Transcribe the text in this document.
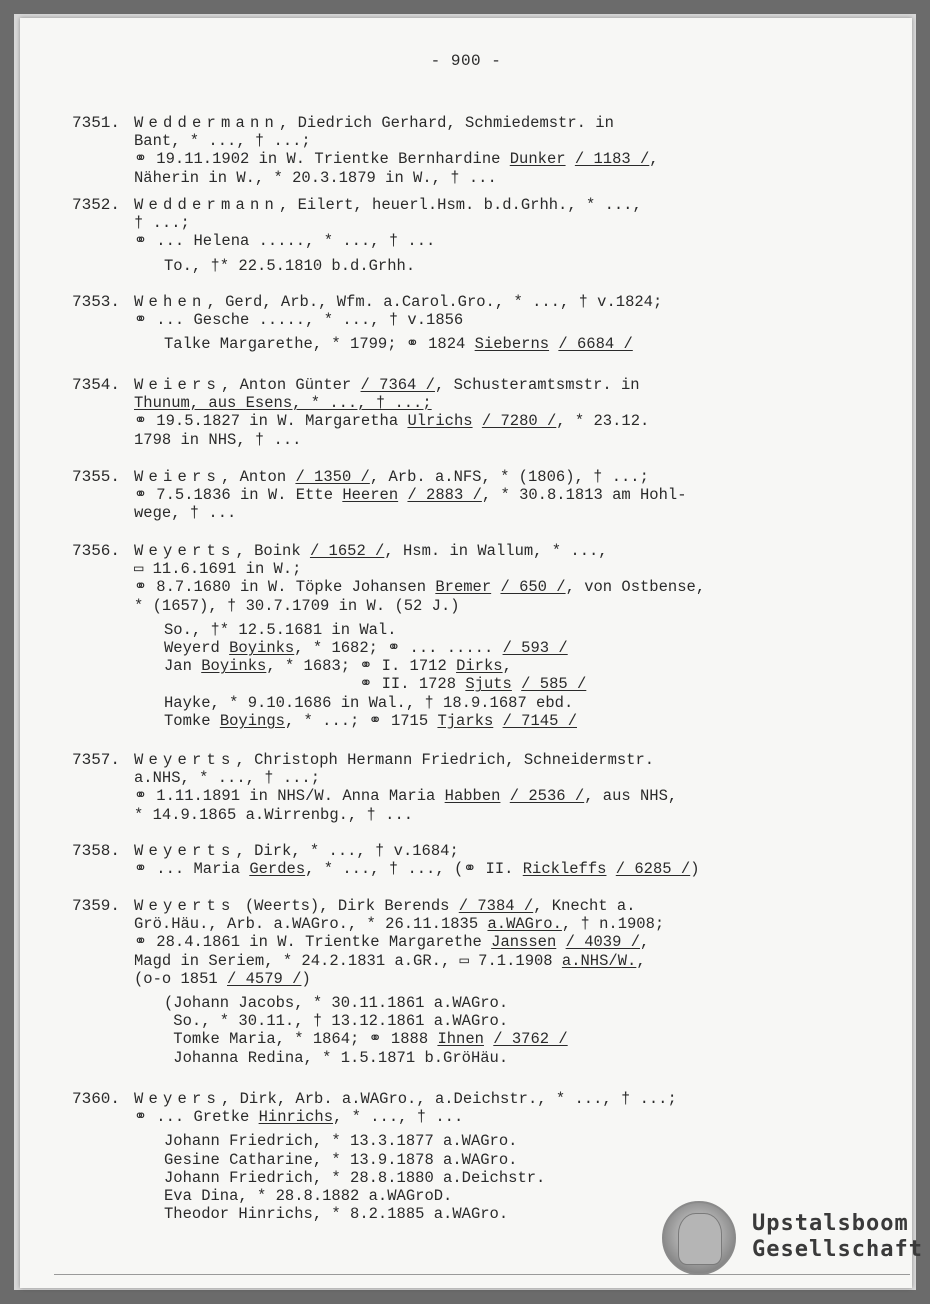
- 900 -
7351. Weddermann, Diedrich Gerhard, Schmiedemstr. in
Bant, * ..., † ...;
⚭ 19.11.1902 in W. Trientke Bernhardine Dunker / 1183 /,
Näherin in W., * 20.3.1879 in W., † ...
7352. Weddermann, Eilert, heuerl.Hsm. b.d.Grhh., * ...,
† ...;
⚭ ... Helena ....., * ..., † ...
To., †* 22.5.1810 b.d.Grhh.
7353. Wehen, Gerd, Arb., Wfm. a.Carol.Gro., * ..., † v.1824;
⚭ ... Gesche ....., * ..., † v.1856
Talke Margarethe, * 1799; ⚭ 1824 Sieberns / 6684 /
7354. Weiers, Anton Günter / 7364 /, Schusteramtsmstr. in
Thunum, aus Esens, * ..., † ...;
⚭ 19.5.1827 in W. Margaretha Ulrichs / 7280 /, * 23.12.
1798 in NHS, † ...
7355. Weiers, Anton / 1350 /, Arb. a.NFS, * (1806), † ...;
⚭ 7.5.1836 in W. Ette Heeren / 2883 /, * 30.8.1813 am Hohl-
wege, † ...
7356. Weyerts, Boink / 1652 /, Hsm. in Wallum, * ...,
▭ 11.6.1691 in W.;
⚭ 8.7.1680 in W. Töpke Johansen Bremer / 650 /, von Ostbense,
* (1657), † 30.7.1709 in W. (52 J.)
So., †* 12.5.1681 in Wal.
Weyerd Boyinks, * 1682; ⚭ ... ..... / 593 /
Jan Boyinks, * 1683; ⚭ I. 1712 Dirks,
⚭ II. 1728 Sjuts / 585 /
Hayke, * 9.10.1686 in Wal., † 18.9.1687 ebd.
Tomke Boyings, * ...; ⚭ 1715 Tjarks / 7145 /
7357. Weyerts, Christoph Hermann Friedrich, Schneidermstr.
a.NHS, * ..., † ...;
⚭ 1.11.1891 in NHS/W. Anna Maria Habben / 2536 /, aus NHS,
* 14.9.1865 a.Wirrenbg., † ...
7358. Weyerts, Dirk, * ..., † v.1684;
⚭ ... Maria Gerdes, * ..., † ..., (⚭ II. Rickleffs / 6285 /)
7359. Weyerts (Weerts), Dirk Berends / 7384 /, Knecht a.
Grö.Häu., Arb. a.WAGro., * 26.11.1835 a.WAGro., † n.1908;
⚭ 28.4.1861 in W. Trientke Margarethe Janssen / 4039 /,
Magd in Seriem, * 24.2.1831 a.GR., ▭ 7.1.1908 a.NHS/W.,
(o-o 1851 / 4579 /)
(Johann Jacobs, * 30.11.1861 a.WAGro.
So., * 30.11., † 13.12.1861 a.WAGro.
Tomke Maria, * 1864; ⚭ 1888 Ihnen / 3762 /
Johanna Redina, * 1.5.1871 b.GröHäu.
7360. Weyers, Dirk, Arb. a.WAGro., a.Deichstr., * ..., † ...;
⚭ ... Gretke Hinrichs, * ..., † ...
Johann Friedrich, * 13.3.1877 a.WAGro.
Gesine Catharine, * 13.9.1878 a.WAGro.
Johann Friedrich, * 28.8.1880 a.Deichstr.
Eva Dina, * 28.8.1882 a.WAGroD.
Theodor Hinrichs, * 8.2.1885 a.WAGro.	Upstalsboom
Gesellschaft
